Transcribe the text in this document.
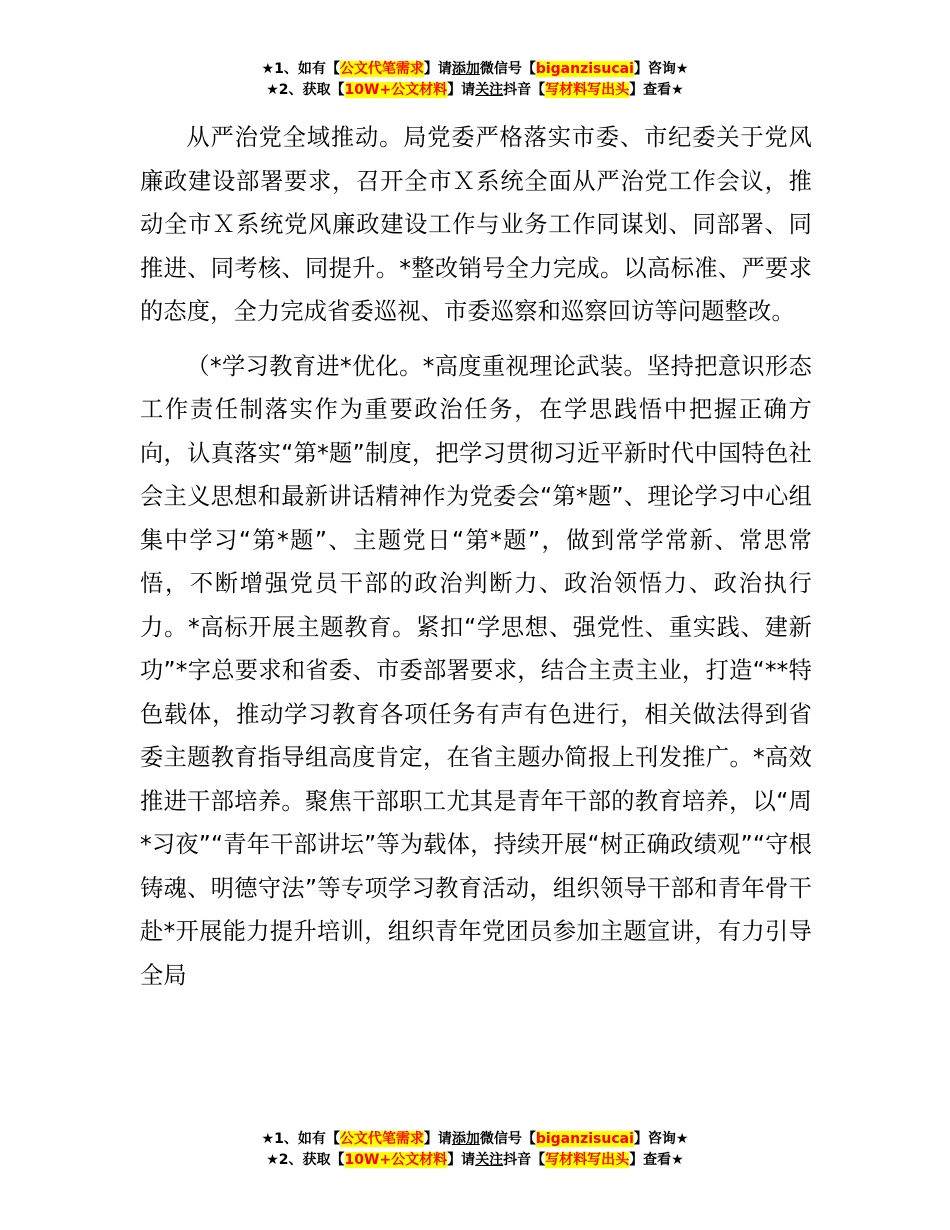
★1、如有【公文代笔需求】请添加微信号【biganzisucai】咨询★
★2、获取【10W+公文材料】请关注抖音【写材料写出头】查看★

从严治党全域推动。局党委严格落实市委、市纪委关于党风廉政建设部署要求，召开全市Ｘ系统全面从严治党工作会议，推动全市Ｘ系统党风廉政建设工作与业务工作同谋划、同部署、同推进、同考核、同提升。*整改销号全力完成。以高标准、严要求的态度，全力完成省委巡视、市委巡察和巡察回访等问题整改。

（*学习教育进*优化。*高度重视理论武装。坚持把意识形态工作责任制落实作为重要政治任务，在学思践悟中把握正确方向，认真落实“第*题”制度，把学习贯彻习近平新时代中国特色社会主义思想和最新讲话精神作为党委会“第*题”、理论学习中心组集中学习“第*题”、主题党日“第*题”，做到常学常新、常思常悟，不断增强党员干部的政治判断力、政治领悟力、政治执行力。*高标开展主题教育。紧扣“学思想、强党性、重实践、建新功”*字总要求和省委、市委部署要求，结合主责主业，打造“**特色载体，推动学习教育各项任务有声有色进行，相关做法得到省委主题教育指导组高度肯定，在省主题办简报上刊发推广。*高效推进干部培养。聚焦干部职工尤其是青年干部的教育培养，以“周*习夜”“青年干部讲坛”等为载体，持续开展“树正确政绩观”“守根铸魂、明德守法”等专项学习教育活动，组织领导干部和青年骨干赴*开展能力提升培训，组织青年党团员参加主题宣讲，有力引导全局

★1、如有【公文代笔需求】请添加微信号【biganzisucai】咨询★
★2、获取【10W+公文材料】请关注抖音【写材料写出头】查看★
